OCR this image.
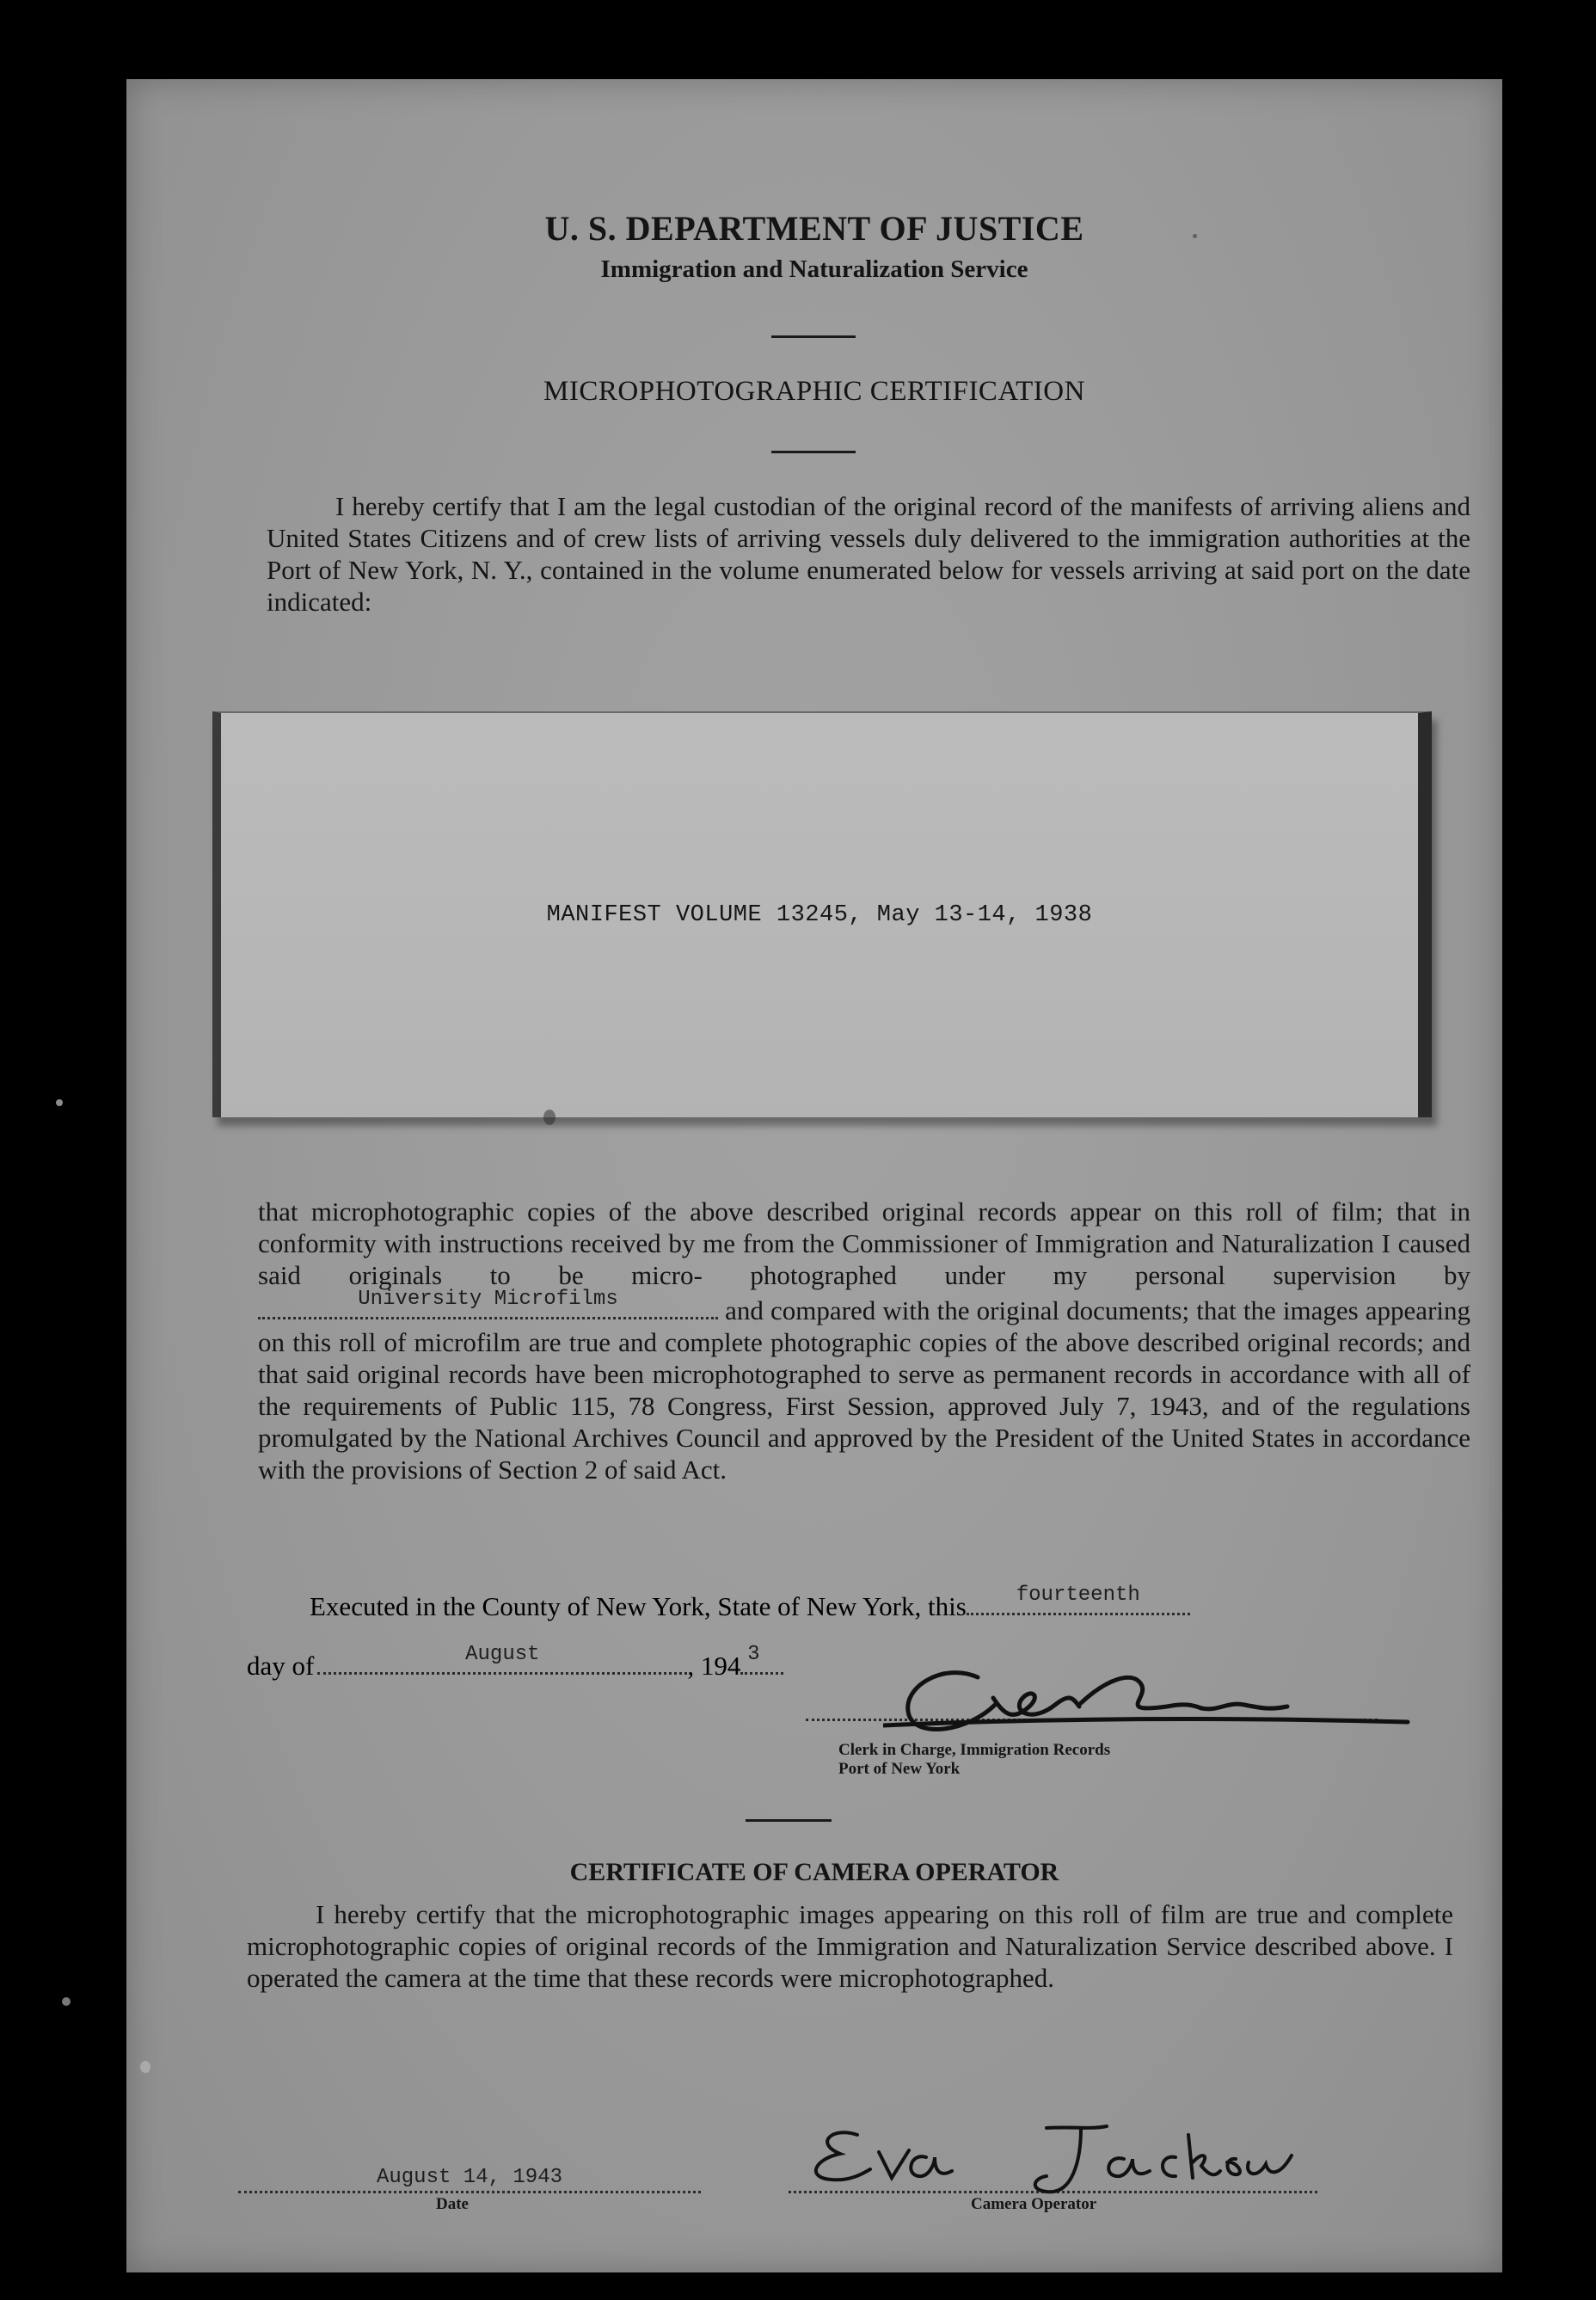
U. S. DEPARTMENT OF JUSTICE
Immigration and Naturalization Service
MICROPHOTOGRAPHIC CERTIFICATION

I hereby certify that I am the legal custodian of the original record of the manifests of arriving aliens and United States Citizens and of crew lists of arriving vessels duly delivered to the immigration authorities at the Port of New York, N. Y., contained in the volume enumerated below for vessels arriving at said port on the date indicated:

MANIFEST VOLUME 13245, May 13-14, 1938

that microphotographic copies of the above described original records appear on this roll of film; that in conformity with instructions received by me from the Commissioner of Immigration and Naturalization I caused said originals to be micro- photographed under my personal supervision by
University Microfilms	and compared with the original documents; that the images appearing on this roll of microfilm are true and complete photographic copies of the above described original records; and that said original records have been microphotographed to serve as permanent records in accordance with all of the requirements of Public 115, 78 Congress, First Session, approved July 7, 1943, and of the regulations promulgated by the National Archives Council and approved by the President of the United States in accordance with the provisions of Section 2 of said Act.

Executed in the County of New York, State of New York, this	fourteenth
day of	August	, 194 3
Clerk in Charge, Immigration Records
Port of New York
CERTIFICATE OF CAMERA OPERATOR

I hereby certify that the microphotographic images appearing on this roll of film are true and complete microphotographic copies of original records of the Immigration and Naturalization Service described above. I operated the camera at the time that these records were microphotographed.

August 14, 1943
Date	Camera Operator
